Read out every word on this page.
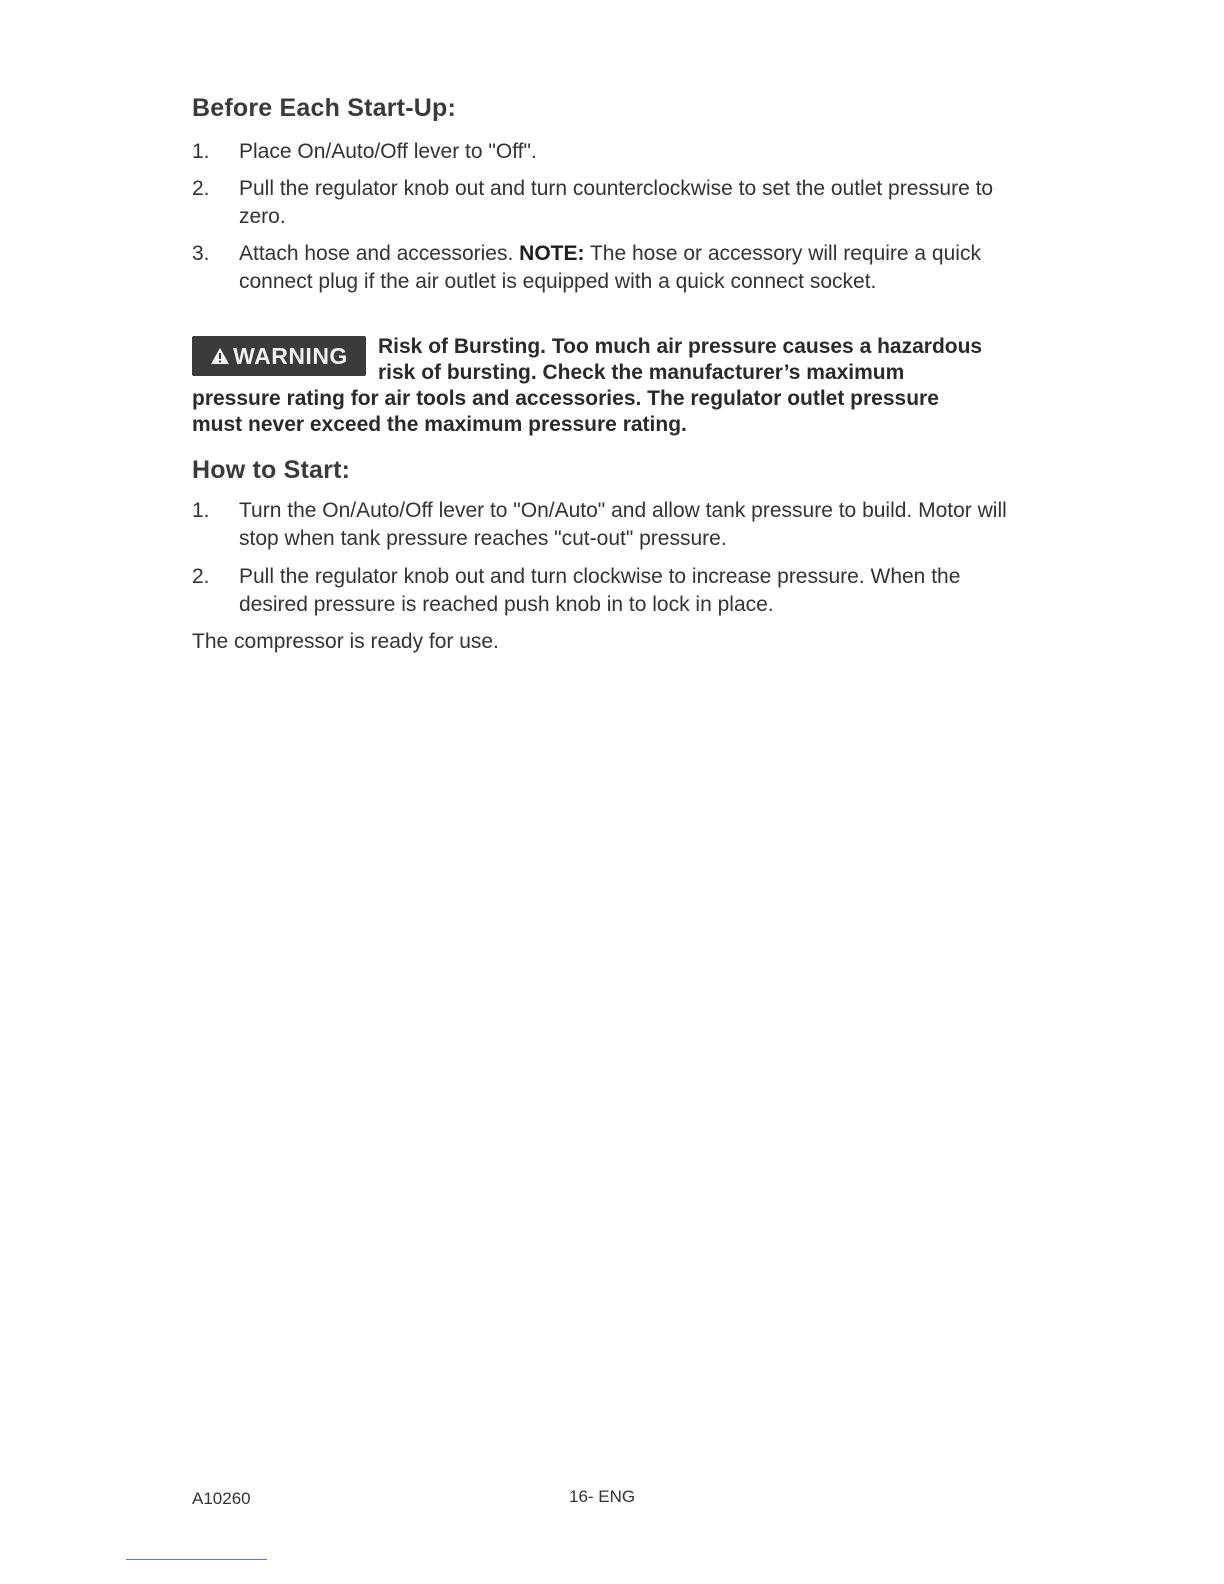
Before Each Start-Up:
1. Place On/Auto/Off lever to "Off".
2. Pull the regulator knob out and turn counterclockwise to set the outlet pressure to zero.
3. Attach hose and accessories. NOTE: The hose or accessory will require a quick connect plug if the air outlet is equipped with a quick connect socket.
WARNING Risk of Bursting. Too much air pressure causes a hazardous risk of bursting. Check the manufacturer’s maximum pressure rating for air tools and accessories. The regulator outlet pressure must never exceed the maximum pressure rating.
How to Start:
1. Turn the On/Auto/Off lever to "On/Auto" and allow tank pressure to build. Motor will stop when tank pressure reaches "cut-out" pressure.
2. Pull the regulator knob out and turn clockwise to increase pressure. When the desired pressure is reached push knob in to lock in place.
The compressor is ready for use.
A10260	16- ENG
